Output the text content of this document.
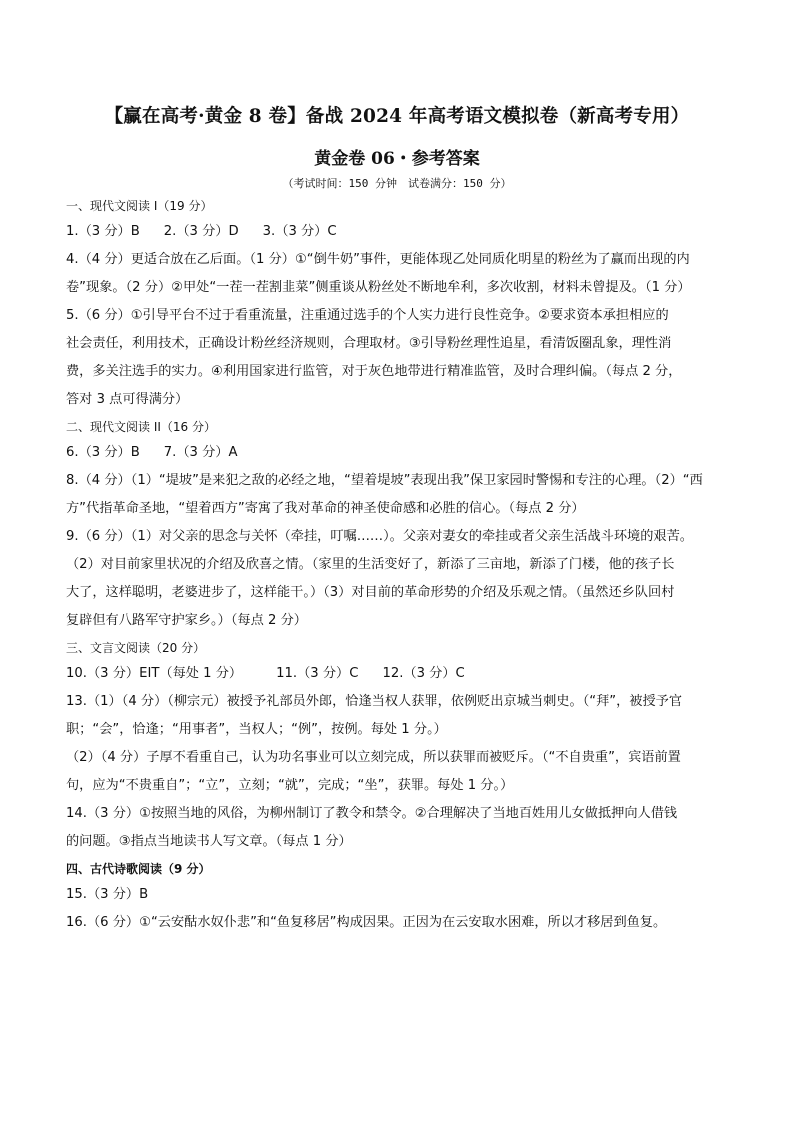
【赢在高考·黄金 8 卷】备战 2024 年高考语文模拟卷（新高考专用）
黄金卷 06・参考答案
（考试时间：150 分钟　试卷满分：150 分）
一、现代文阅读 I（19 分）
1.（3 分）B 2.（3 分）D 3.（3 分）C
4.（4 分）更适合放在乙后面。（1 分）①“倒牛奶”事件，更能体现乙处同质化明星的粉丝为了赢而出现的内
卷”现象。（2 分）②甲处“一茬一茬割韭菜”侧重谈从粉丝处不断地牟利，多次收割，材料未曾提及。（1 分）
5.（6 分）①引导平台不过于看重流量，注重通过选手的个人实力进行良性竞争。②要求资本承担相应的
社会责任，利用技术，正确设计粉丝经济规则，合理取材。③引导粉丝理性追星，看清饭圈乱象，理性消
费，多关注选手的实力。④利用国家进行监管，对于灰色地带进行精准监管，及时合理纠偏。（每点 2 分，
答对 3 点可得满分）
二、现代文阅读 II（16 分）
6.（3 分）B 7.（3 分）A
8.（4 分）（1）“堤坡”是来犯之敌的必经之地，“望着堤坡”表现出我”保卫家园时警惕和专注的心理。（2）“西
方”代指革命圣地，“望着西方”寄寓了我对革命的神圣使命感和必胜的信心。（每点 2 分）
9.（6 分）（1）对父亲的思念与关怀（牵挂，叮嘱……）。父亲对妻女的牵挂或者父亲生活战斗环境的艰苦。
（2）对目前家里状况的介绍及欣喜之情。（家里的生活变好了，新添了三亩地，新添了门楼，他的孩子长
大了，这样聪明，老婆进步了，这样能干。）（3）对目前的革命形势的介绍及乐观之情。（虽然还乡队回村
复辟但有八路军守护家乡。）（每点 2 分）
三、文言文阅读（20 分）
10.（3 分）EIT（每处 1 分）	11.（3 分）C 12.（3 分）C
13.（1）（4 分）（柳宗元）被授予礼部员外郎，恰逢当权人获罪，依例贬出京城当刺史。（“拜”，被授予官
职；“会”，恰逢；“用事者”，当权人；“例”，按例。每处 1 分。）
（2）（4 分）子厚不看重自己，认为功名事业可以立刻完成，所以获罪而被贬斥。（“不自贵重”，宾语前置
句，应为“不贵重自”；“立”，立刻；“就”，完成；“坐”，获罪。每处 1 分。）
14.（3 分）①按照当地的风俗，为柳州制订了教令和禁令。②合理解决了当地百姓用儿女做抵押向人借钱
的问题。③指点当地读书人写文章。（每点 1 分）
四、古代诗歌阅读（9 分）
15.（3 分）B
16.（6 分）①“云安酤水奴仆悲”和“鱼复移居”构成因果。正因为在云安取水困难，所以才移居到鱼复。
